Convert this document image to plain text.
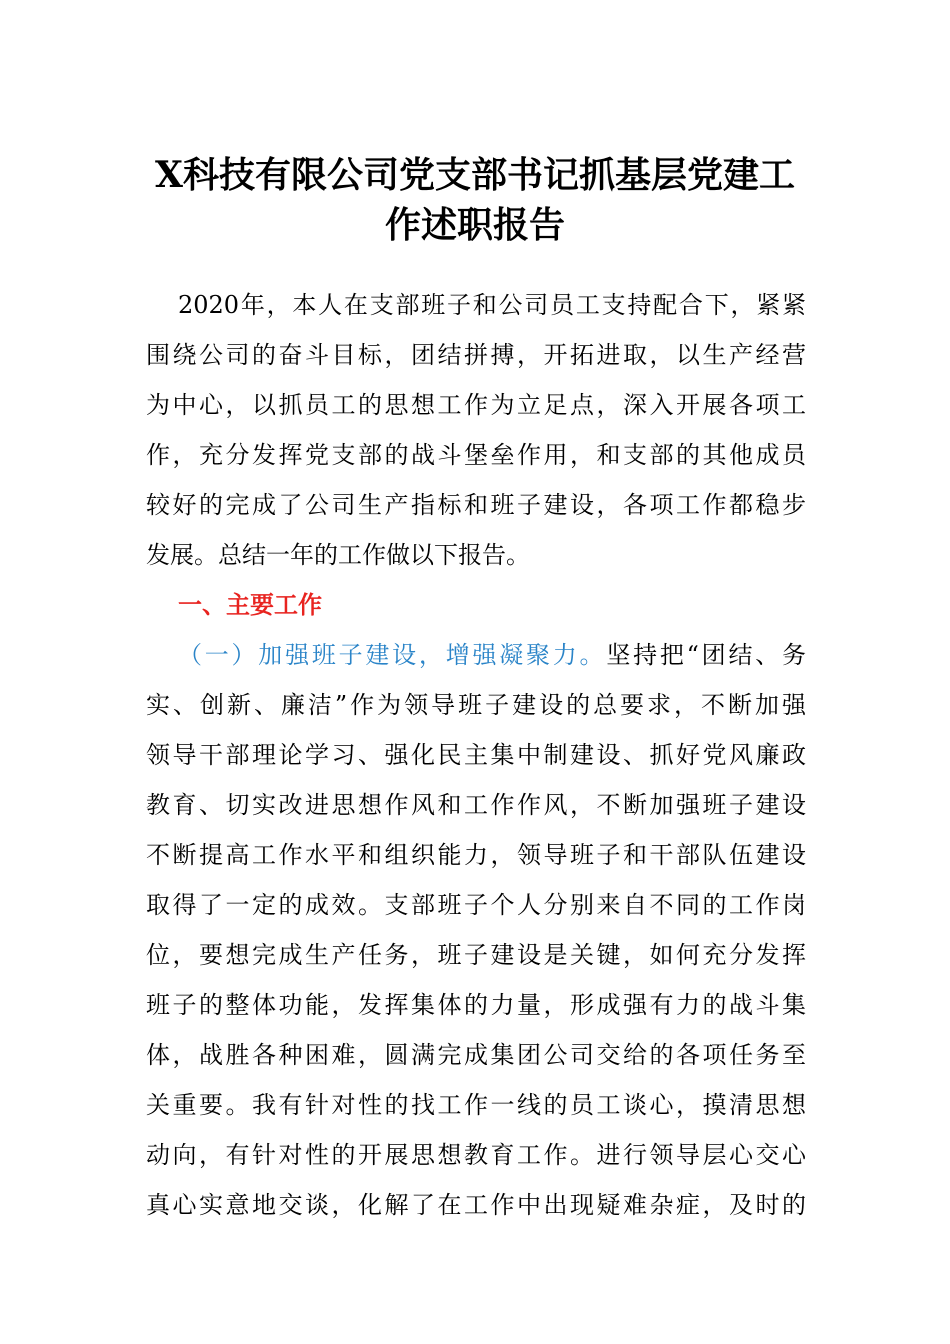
X科技有限公司党支部书记抓基层党建工
作述职报告
2020年，本人在支部班子和公司员工支持配合下，紧紧
围绕公司的奋斗目标，团结拼搏，开拓进取，以生产经营
为中心，以抓员工的思想工作为立足点，深入开展各项工
作，充分发挥党支部的战斗堡垒作用，和支部的其他成员
较好的完成了公司生产指标和班子建设，各项工作都稳步
发展。总结一年的工作做以下报告。
一、主要工作
（一）加强班子建设，增强凝聚力。坚持把“团结、务
实、创新、廉洁”作为领导班子建设的总要求，不断加强
领导干部理论学习、强化民主集中制建设、抓好党风廉政
教育、切实改进思想作风和工作作风，不断加强班子建设
不断提高工作水平和组织能力，领导班子和干部队伍建设
取得了一定的成效。支部班子个人分别来自不同的工作岗
位，要想完成生产任务，班子建设是关键，如何充分发挥
班子的整体功能，发挥集体的力量，形成强有力的战斗集
体，战胜各种困难，圆满完成集团公司交给的各项任务至
关重要。我有针对性的找工作一线的员工谈心，摸清思想
动向，有针对性的开展思想教育工作。进行领导层心交心
真心实意地交谈，化解了在工作中出现疑难杂症，及时的
